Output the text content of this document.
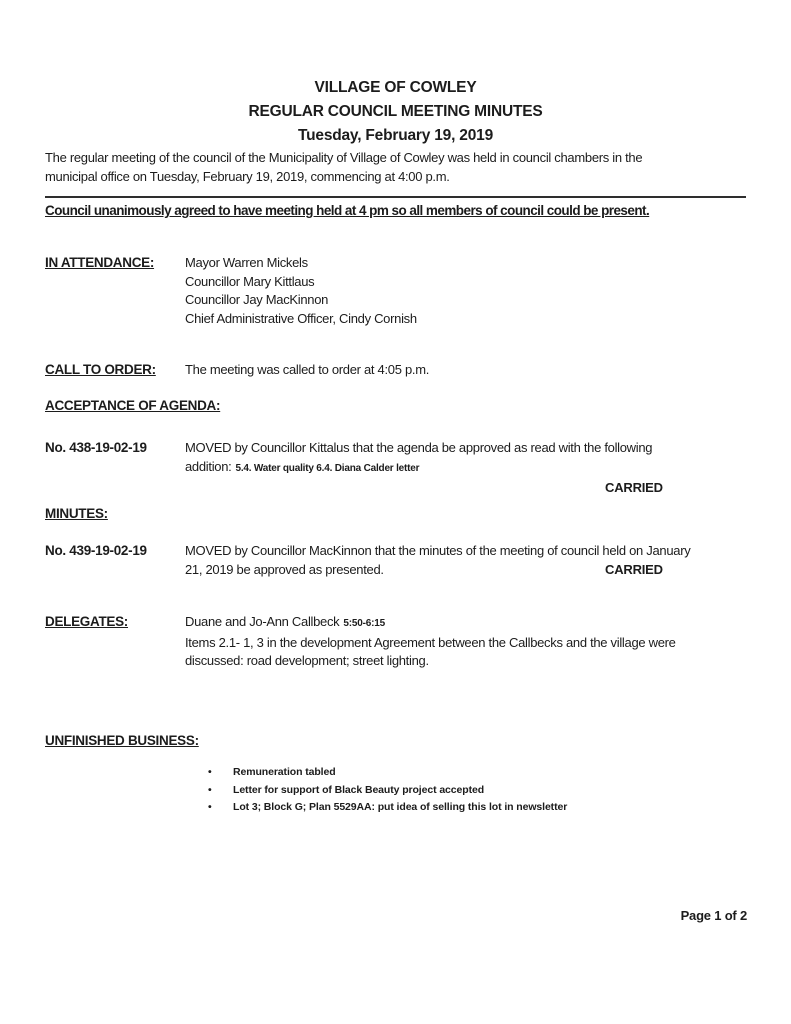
VILLAGE OF COWLEY
REGULAR COUNCIL MEETING MINUTES
Tuesday, February 19, 2019
The regular meeting of the council of the Municipality of Village of Cowley was held in council chambers in the
municipal office on Tuesday, February 19, 2019, commencing at 4:00 p.m.
Council unanimously agreed to have meeting held at 4 pm so all members of council could be present.
IN ATTENDANCE:	Mayor Warren Mickels
Councillor Mary Kittlaus
Councillor Jay MacKinnon
Chief Administrative Officer, Cindy Cornish
CALL TO ORDER:	The meeting was called to order at 4:05 p.m.
ACCEPTANCE OF AGENDA:
No. 438-19-02-19	MOVED by Councillor Kittalus that the agenda be approved as read with the following
addition: 5.4. Water quality 6.4. Diana Calder letter
CARRIED
MINUTES:
No. 439-19-02-19	MOVED by Councillor MacKinnon that the minutes of the meeting of council held on January
21, 2019 be approved as presented.	CARRIED
DELEGATES:	Duane and Jo-Ann Callbeck 5:50-6:15
Items 2.1- 1, 3 in the development Agreement between the Callbecks and the village were
discussed: road development; street lighting.
UNFINISHED BUSINESS:
•	Remuneration tabled
•	Letter for support of Black Beauty project accepted
•	Lot 3; Block G; Plan 5529AA: put idea of selling this lot in newsletter
Page 1 of 2
